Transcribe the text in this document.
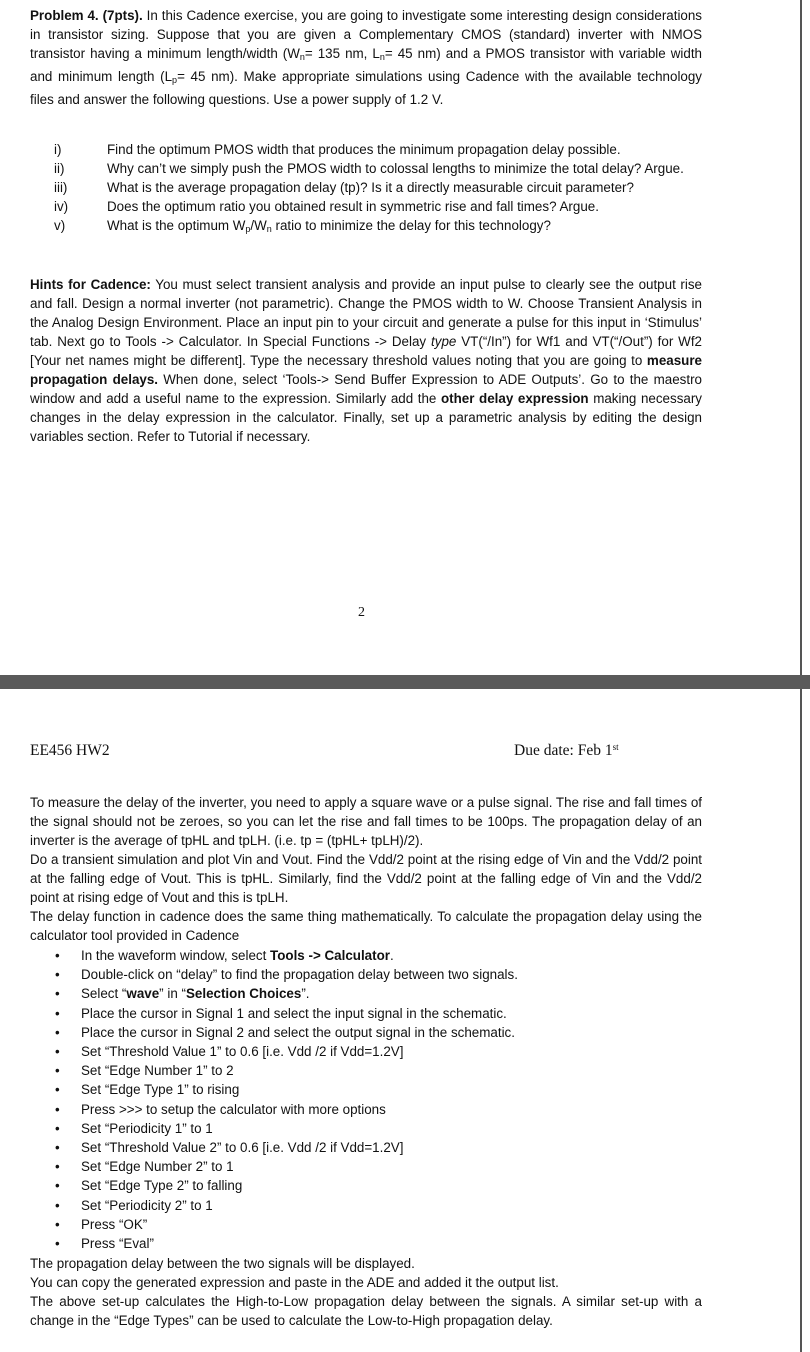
Problem 4. (7pts). In this Cadence exercise, you are going to investigate some interesting design considerations in transistor sizing. Suppose that you are given a Complementary CMOS (standard) inverter with NMOS transistor having a minimum length/width ($W_n= 135$ nm, $L_n= 45$ nm) and a PMOS transistor with variable width and minimum length ($L_p= 45$ nm). Make appropriate simulations using Cadence with the available technology files and answer the following questions. Use a power supply of 1.2 V.

i)	Find the optimum PMOS width that produces the minimum propagation delay possible.
ii)	Why can’t we simply push the PMOS width to colossal lengths to minimize the total delay? Argue.
iii)	What is the average propagation delay (tp)? Is it a directly measurable circuit parameter?
iv)	Does the optimum ratio you obtained result in symmetric rise and fall times? Argue.
v)	What is the optimum $W_p/W_n$ ratio to minimize the delay for this technology?

Hints for Cadence: You must select transient analysis and provide an input pulse to clearly see the output rise and fall. Design a normal inverter (not parametric). Change the PMOS width to W. Choose Transient Analysis in the Analog Design Environment. Place an input pin to your circuit and generate a pulse for this input in ‘Stimulus’ tab. Next go to Tools -> Calculator. In Special Functions -> Delay type VT(“/In”) for Wf1 and VT(“/Out”) for Wf2 [Your net names might be different]. Type the necessary threshold values noting that you are going to measure propagation delays. When done, select ‘Tools-> Send Buffer Expression to ADE Outputs’. Go to the maestro window and add a useful name to the expression. Similarly add the other delay expression making necessary changes in the delay expression in the calculator. Finally, set up a parametric analysis by editing the design variables section. Refer to Tutorial if necessary.

2
EE456 HW2	Due date: Feb 1st

To measure the delay of the inverter, you need to apply a square wave or a pulse signal. The rise and fall times of the signal should not be zeroes, so you can let the rise and fall times to be 100ps. The propagation delay of an inverter is the average of tpHL and tpLH. (i.e. tp = (tpHL+ tpLH)/2).

Do a transient simulation and plot Vin and Vout. Find the Vdd/2 point at the rising edge of Vin and the Vdd/2 point at the falling edge of Vout. This is tpHL. Similarly, find the Vdd/2 point at the falling edge of Vin and the Vdd/2 point at rising edge of Vout and this is tpLH.

The delay function in cadence does the same thing mathematically. To calculate the propagation delay using the calculator tool provided in Cadence

•	In the waveform window, select Tools -> Calculator.
•	Double-click on “delay” to find the propagation delay between two signals.
•	Select “wave” in “Selection Choices”.
•	Place the cursor in Signal 1 and select the input signal in the schematic.
•	Place the cursor in Signal 2 and select the output signal in the schematic.
•	Set “Threshold Value 1” to 0.6 [i.e. Vdd /2 if Vdd=1.2V]
•	Set “Edge Number 1” to 2
•	Set “Edge Type 1” to rising
•	Press >>> to setup the calculator with more options
•	Set “Periodicity 1” to 1
•	Set “Threshold Value 2” to 0.6 [i.e. Vdd /2 if Vdd=1.2V]
•	Set “Edge Number 2” to 1
•	Set “Edge Type 2” to falling
•	Set “Periodicity 2” to 1
•	Press “OK”
•	Press “Eval”

The propagation delay between the two signals will be displayed.

You can copy the generated expression and paste in the ADE and added it the output list.

The above set-up calculates the High-to-Low propagation delay between the signals. A similar set-up with a change in the “Edge Types” can be used to calculate the Low-to-High propagation delay.
